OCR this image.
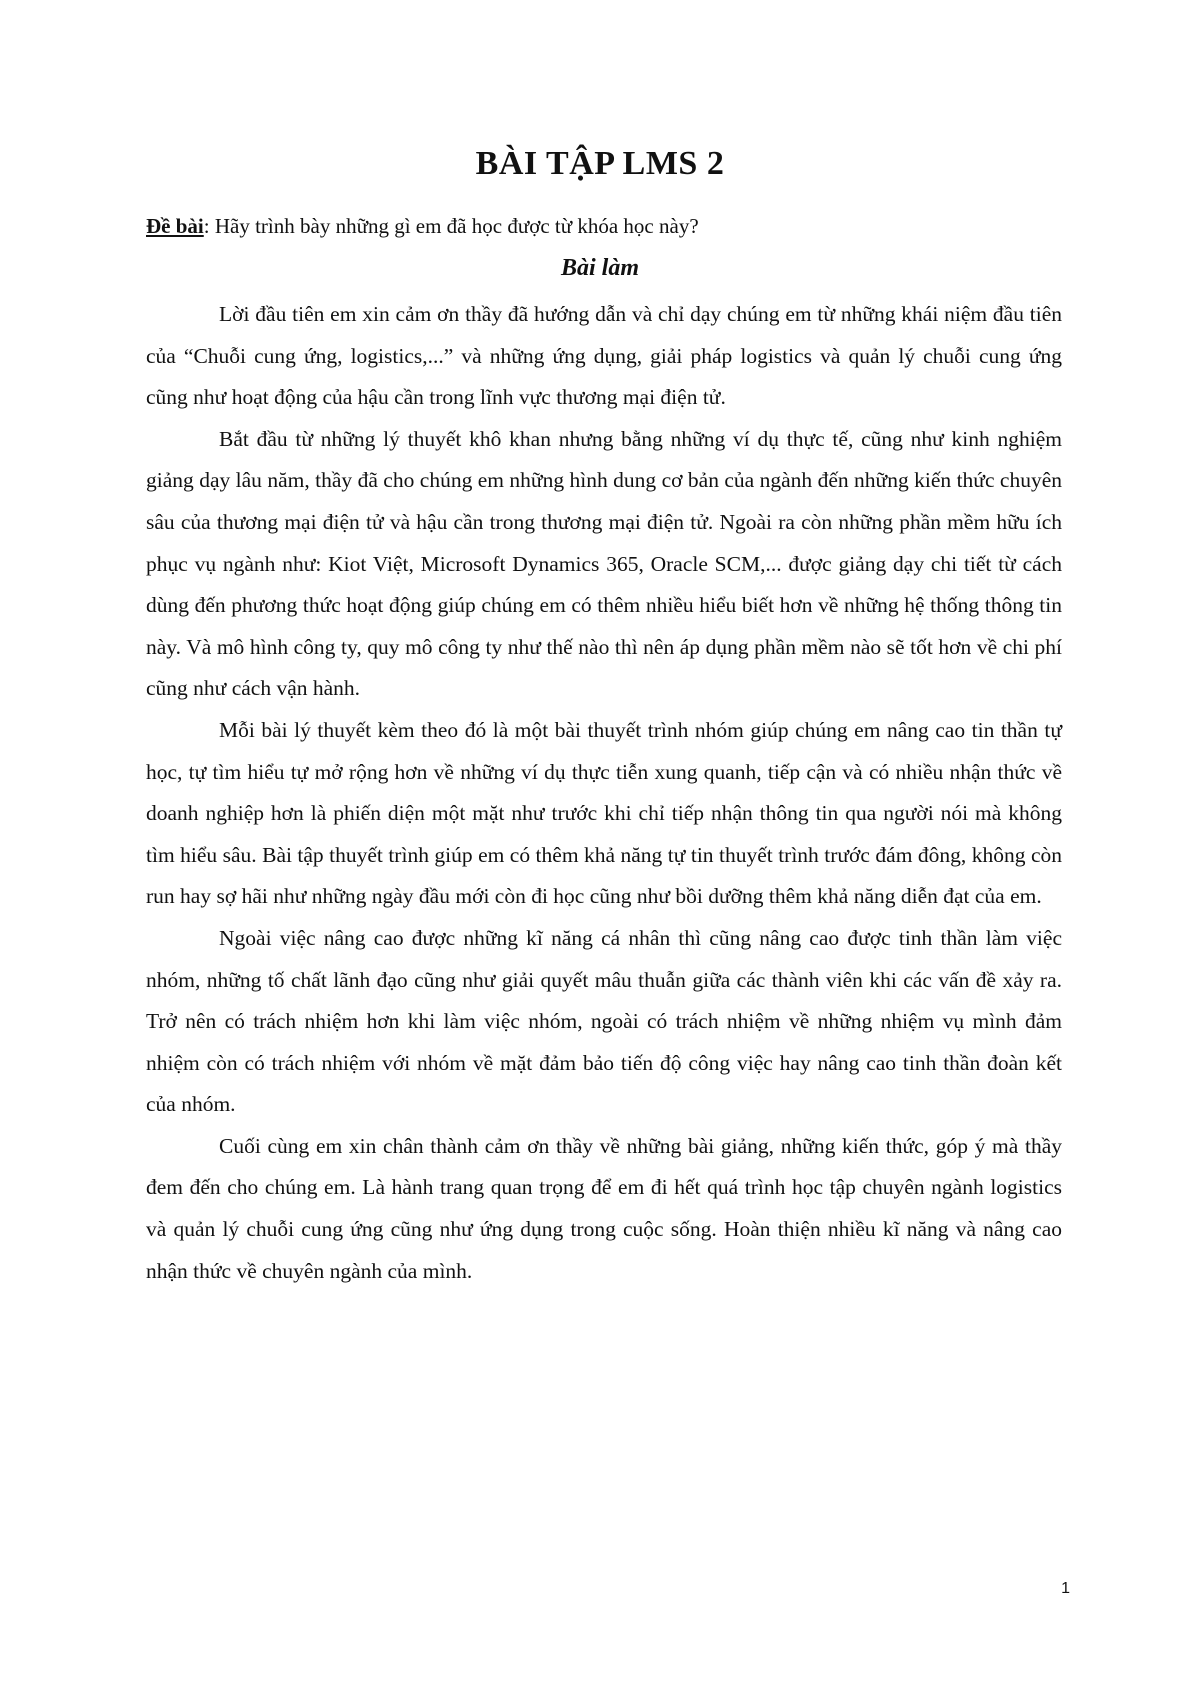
BÀI TẬP LMS 2
Đề bài: Hãy trình bày những gì em đã học được từ khóa học này?
Bài làm

Lời đầu tiên em xin cảm ơn thầy đã hướng dẫn và chỉ dạy chúng em từ những khái niệm đầu tiên của “Chuỗi cung ứng, logistics,...” và những ứng dụng, giải pháp logistics và quản lý chuỗi cung ứng cũng như hoạt động của hậu cần trong lĩnh vực thương mại điện tử.

Bắt đầu từ những lý thuyết khô khan nhưng bằng những ví dụ thực tế, cũng như kinh nghiệm giảng dạy lâu năm, thầy đã cho chúng em những hình dung cơ bản của ngành đến những kiến thức chuyên sâu của thương mại điện tử và hậu cần trong thương mại điện tử. Ngoài ra còn những phần mềm hữu ích phục vụ ngành như: Kiot Việt, Microsoft Dynamics 365, Oracle SCM,... được giảng dạy chi tiết từ cách dùng đến phương thức hoạt động giúp chúng em có thêm nhiều hiểu biết hơn về những hệ thống thông tin này. Và mô hình công ty, quy mô công ty như thế nào thì nên áp dụng phần mềm nào sẽ tốt hơn về chi phí cũng như cách vận hành.

Mỗi bài lý thuyết kèm theo đó là một bài thuyết trình nhóm giúp chúng em nâng cao tin thần tự học, tự tìm hiểu tự mở rộng hơn về những ví dụ thực tiễn xung quanh, tiếp cận và có nhiều nhận thức về doanh nghiệp hơn là phiến diện một mặt như trước khi chỉ tiếp nhận thông tin qua người nói mà không tìm hiểu sâu. Bài tập thuyết trình giúp em có thêm khả năng tự tin thuyết trình trước đám đông, không còn run hay sợ hãi như những ngày đầu mới còn đi học cũng như bồi dưỡng thêm khả năng diễn đạt của em.

Ngoài việc nâng cao được những kĩ năng cá nhân thì cũng nâng cao được tinh thần làm việc nhóm, những tố chất lãnh đạo cũng như giải quyết mâu thuẫn giữa các thành viên khi các vấn đề xảy ra. Trở nên có trách nhiệm hơn khi làm việc nhóm, ngoài có trách nhiệm về những nhiệm vụ mình đảm nhiệm còn có trách nhiệm với nhóm về mặt đảm bảo tiến độ công việc hay nâng cao tinh thần đoàn kết của nhóm.

Cuối cùng em xin chân thành cảm ơn thầy về những bài giảng, những kiến thức, góp ý mà thầy đem đến cho chúng em. Là hành trang quan trọng để em đi hết quá trình học tập chuyên ngành logistics và quản lý chuỗi cung ứng cũng như ứng dụng trong cuộc sống. Hoàn thiện nhiều kĩ năng và nâng cao nhận thức về chuyên ngành của mình.

1
